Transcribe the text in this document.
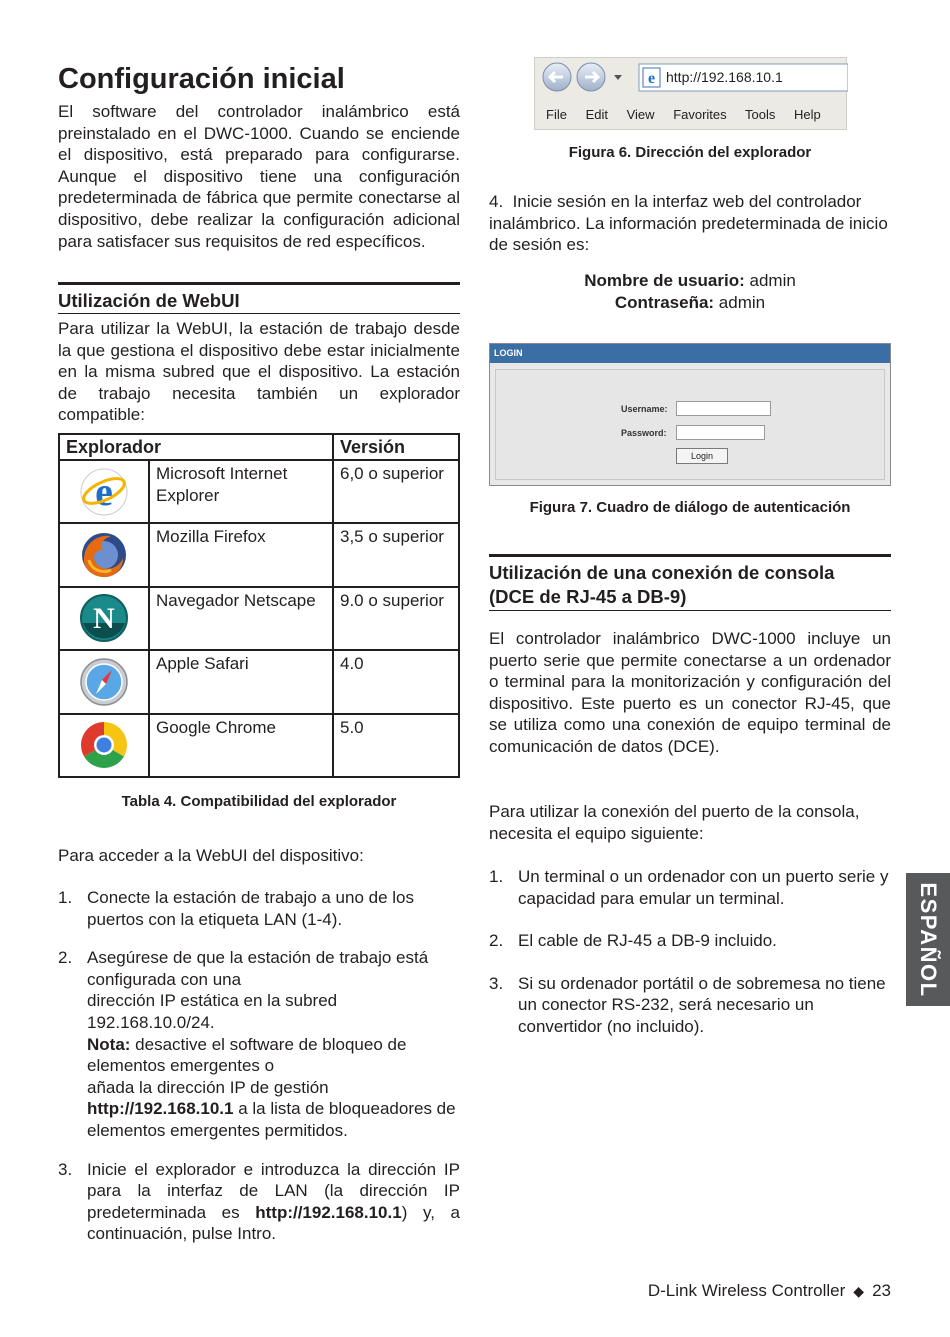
Configuración inicial

El software del controlador inalámbrico está preinstalado en el DWC-1000. Cuando se enciende el dispositivo, está preparado para configurarse. Aunque el dispositivo tiene una configuración predeterminada de fábrica que permite conectarse al dispositivo, debe realizar la configuración adicional para satisfacer sus requisitos de red específicos.

Utilización de WebUI

Para utilizar la WebUI, la estación de trabajo desde la que gestiona el dispositivo debe estar inicialmente en la misma subred que el dispositivo. La estación de trabajo necesita también un explorador compatible:

Explorador		Versión

e	Microsoft Internet Explorer	6,0 o superior
	Mozilla Firefox	3,5 o superior

N	Navegador Netscape	9.0 o superior
	Apple Safari	4.0
	Google Chrome	5.0
Tabla 4. Compatibilidad del explorador

Para acceder a la WebUI del dispositivo:

1. Conecte la estación de trabajo a uno de los puertos con la etiqueta LAN (1-4).
2. Asegúrese de que la estación de trabajo está configurada con una
dirección IP estática en la subred 192.168.10.0/24.
Nota: desactive el software de bloqueo de elementos emergentes o
añada la dirección IP de gestión
http://192.168.10.1 a la lista de bloqueadores de elementos emergentes permitidos.
3. Inicie el explorador e introduzca la dirección IP para la interfaz de LAN (la dirección IP predeterminada es http://192.168.10.1) y, a continuación, pulse Intro.
e http://192.168.10.1
File Edit View Favorites Tools Help
Figura 6. Dirección del explorador

4. Inicie sesión en la interfaz web del controlador inalámbrico. La información predeterminada de inicio de sesión es:

Nombre de usuario: admin

Contraseña: admin

LOGIN
Username:
Password:
Login
Figura 7. Cuadro de diálogo de autenticación
Utilización de una conexión de consola
(DCE de RJ-45 a DB-9)

El controlador inalámbrico DWC-1000 incluye un puerto serie que permite conectarse a un ordenador o terminal para la monitorización y configuración del dispositivo. Este puerto es un conector RJ-45, que se utiliza como una conexión de equipo terminal de comunicación de datos (DCE).

Para utilizar la conexión del puerto de la consola, necesita el equipo siguiente:

1. Un terminal o un ordenador con un puerto serie y capacidad para emular un terminal.
2. El cable de RJ-45 a DB-9 incluido.
3. Si su ordenador portátil o de sobremesa no tiene un conector RS-232, será necesario un convertidor (no incluido).
ESPAÑOL
D-Link Wireless Controller ◆ 23
